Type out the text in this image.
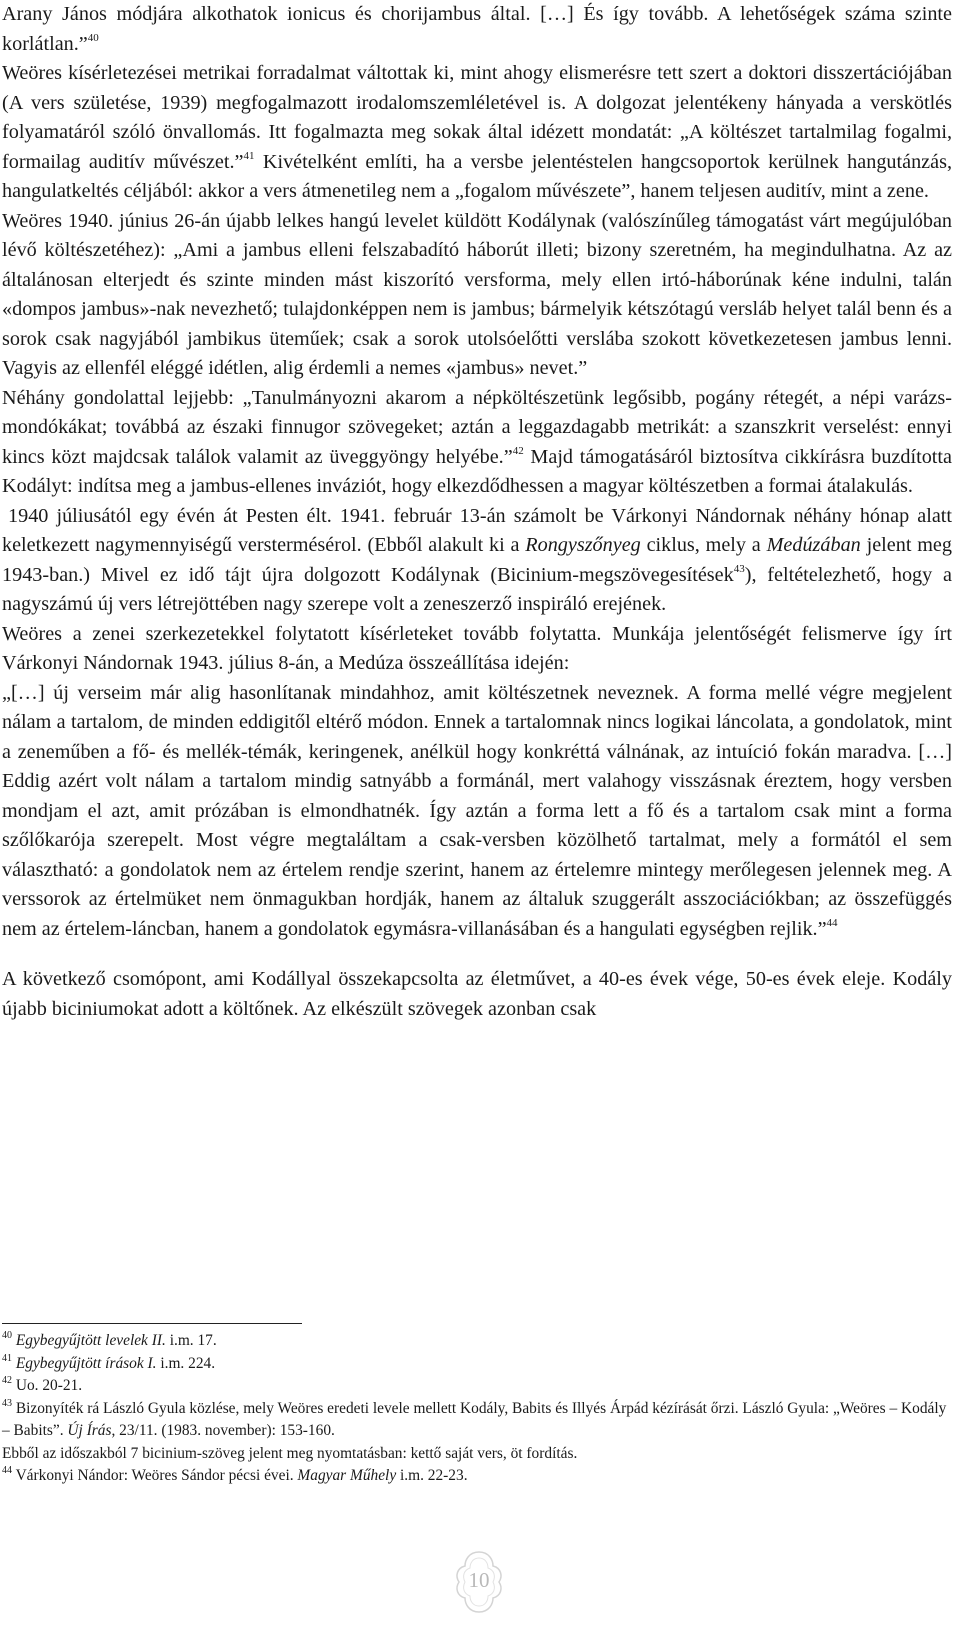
Arany János módjára alkothatok ionicus és chorijambus által. […] És így tovább. A lehetőségek száma szinte korlátlan.”$^{40}$

Weöres kísérletezései metrikai forradalmat váltottak ki, mint ahogy elismerésre tett szert a doktori disszertációjában (A vers születése, 1939) megfogalmazott irodalomszemléletével is. A dolgozat jelentékeny hányada a verskötlés folyamatáról szóló önvallomás. Itt fogalmazta meg sokak által idézett mondatát: „A költészet tartalmilag fogalmi, formailag auditív művészet.”$^{41}$ Kivételként említi, ha a versbe jelentéstelen hangcsoportok kerülnek hangutánzás, hangulatkeltés céljából: akkor a vers átmenetileg nem a „fogalom művészete”, hanem teljesen auditív, mint a zene.

Weöres 1940. június 26-án újabb lelkes hangú levelet küldött Kodálynak (valószínűleg támogatást várt megújulóban lévő költészetéhez): „Ami a jambus elleni felszabadító háborút illeti; bizony szeretném, ha megindulhatna. Az az általánosan elterjedt és szinte minden mást kiszorító versforma, mely ellen irtó-háborúnak kéne indulni, talán «dompos jambus»-nak nevezhető; tulajdonképpen nem is jambus; bármelyik kétszótagú versláb helyet talál benn és a sorok csak nagyjából jambikus üteműek; csak a sorok utolsóelőtti verslába szokott következetesen jambus lenni. Vagyis az ellenfél eléggé idétlen, alig érdemli a nemes «jambus» nevet.”

Néhány gondolattal lejjebb: „Tanulmányozni akarom a népköltészetünk legősibb, pogány rétegét, a népi varázs-mondókákat; továbbá az északi finnugor szövegeket; aztán a leggazdagabb metrikát: a szanszkrit verselést: ennyi kincs közt majdcsak találok valamit az üveggyöngy helyébe.”$^{42}$ Majd támogatásáról biztosítva cikkírásra buzdította Kodályt: indítsa meg a jambus-ellenes inváziót, hogy elkezdődhessen a magyar költészetben a formai átalakulás.

1940 júliusától egy évén át Pesten élt. 1941. február 13-án számolt be Várkonyi Nándornak néhány hónap alatt keletkezett nagymennyiségű verstermésérol. (Ebből alakult ki a Rongyszőnyeg ciklus, mely a Medúzában jelent meg 1943-ban.) Mivel ez idő tájt újra dolgozott Kodálynak (Bicinium-megszövegesítések$^{43}$), feltételezhető, hogy a nagyszámú új vers létrejöttében nagy szerepe volt a zeneszerző inspiráló erejének.

Weöres a zenei szerkezetekkel folytatott kísérleteket tovább folytatta. Munkája jelentőségét felismerve így írt Várkonyi Nándornak 1943. július 8-án, a Medúza összeállítása idején:

„[…] új verseim már alig hasonlítanak mindahhoz, amit költészetnek neveznek. A forma mellé végre megjelent nálam a tartalom, de minden eddigitől eltérő módon. Ennek a tartalomnak nincs logikai láncolata, a gondolatok, mint a zeneműben a fő- és mellék-témák, keringenek, anélkül hogy konkréttá válnának, az intuíció fokán maradva. […] Eddig azért volt nálam a tartalom mindig satnyább a formánál, mert valahogy visszásnak éreztem, hogy versben mondjam el azt, amit prózában is elmondhatnék. Így aztán a forma lett a fő és a tartalom csak mint a forma szőlőkarója szerepelt. Most végre megtaláltam a csak-versben közölhető tartalmat, mely a formától el sem választható: a gondolatok nem az értelem rendje szerint, hanem az értelemre mintegy merőlegesen jelennek meg. A verssorok az értelmüket nem önmagukban hordják, hanem az általuk szuggerált asszociációkban; az összefüggés nem az értelem-láncban, hanem a gondolatok egymásra-villanásában és a hangulati egységben rejlik.”$^{44}$

A következő csomópont, ami Kodállyal összekapcsolta az életművet, a 40-es évek vége, 50-es évek eleje. Kodály újabb biciniumokat adott a költőnek. Az elkészült szövegek azonban csak

$^{40}$ Egybegyűjtött levelek II. i.m. 17.

$^{41}$ Egybegyűjtött írások I. i.m. 224.

$^{42}$ Uo. 20-21.

$^{43}$ Bizonyíték rá László Gyula közlése, mely Weöres eredeti levele mellett Kodály, Babits és Illyés Árpád kézírását őrzi. László Gyula: „Weöres – Kodály – Babits”. Új Írás, 23/11. (1983. november): 153-160.

Ebből az időszakból 7 bicinium-szöveg jelent meg nyomtatásban: kettő saját vers, öt fordítás.

$^{44}$ Várkonyi Nándor: Weöres Sándor pécsi évei. Magyar Műhely i.m. 22-23.

10
